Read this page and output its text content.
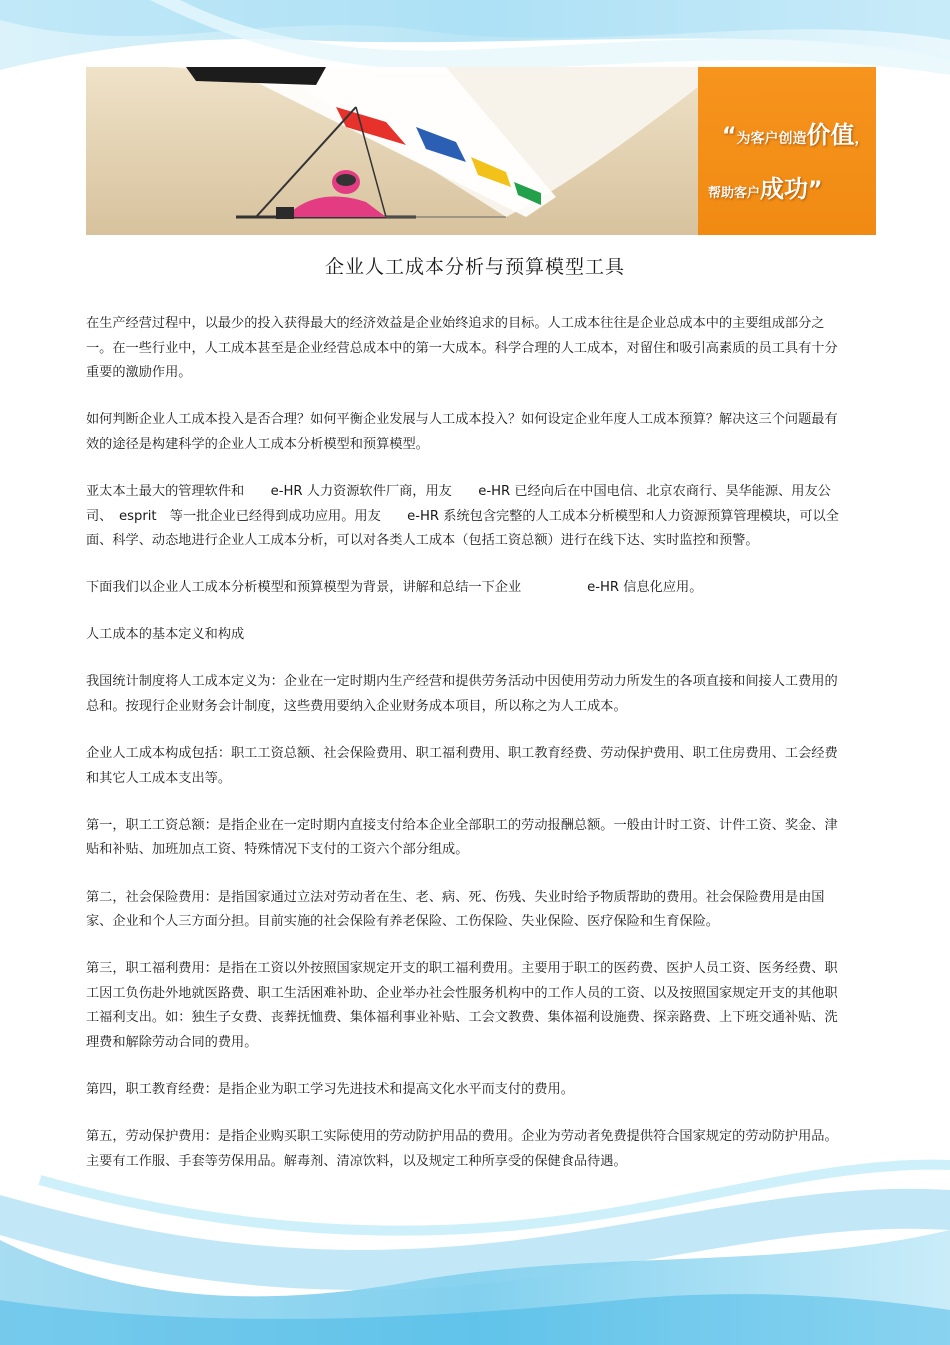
“为客户创造价值，
帮助客户成功”
企业人工成本分析与预算模型工具

在生产经营过程中，以最少的投入获得最大的经济效益是企业始终追求的目标。人工成本往往是企业总成本中的主要组成部分之一。在一些行业中，人工成本甚至是企业经营总成本中的第一大成本。科学合理的人工成本，对留住和吸引高素质的员工具有十分重要的激励作用。

如何判断企业人工成本投入是否合理？如何平衡企业发展与人工成本投入？如何设定企业年度人工成本预算？解决这三个问题最有效的途径是构建科学的企业人工成本分析模型和预算模型。

亚太本土最大的管理软件和　　e-HR 人力资源软件厂商，用友　　e-HR 已经向后在中国电信、北京农商行、昊华能源、用友公司、　esprit　等一批企业已经得到成功应用。用友　　e-HR 系统包含完整的人工成本分析模型和人力资源预算管理模块，可以全面、科学、动态地进行企业人工成本分析，可以对各类人工成本（包括工资总额）进行在线下达、实时监控和预警。

下面我们以企业人工成本分析模型和预算模型为背景，讲解和总结一下企业　　　　　e-HR 信息化应用。

人工成本的基本定义和构成

我国统计制度将人工成本定义为：企业在一定时期内生产经营和提供劳务活动中因使用劳动力所发生的各项直接和间接人工费用的总和。按现行企业财务会计制度，这些费用要纳入企业财务成本项目，所以称之为人工成本。

企业人工成本构成包括：职工工资总额、社会保险费用、职工福利费用、职工教育经费、劳动保护费用、职工住房费用、工会经费和其它人工成本支出等。

第一，职工工资总额：是指企业在一定时期内直接支付给本企业全部职工的劳动报酬总额。一般由计时工资、计件工资、奖金、津贴和补贴、加班加点工资、特殊情况下支付的工资六个部分组成。

第二，社会保险费用：是指国家通过立法对劳动者在生、老、病、死、伤残、失业时给予物质帮助的费用。社会保险费用是由国家、企业和个人三方面分担。目前实施的社会保险有养老保险、工伤保险、失业保险、医疗保险和生育保险。

第三，职工福利费用：是指在工资以外按照国家规定开支的职工福利费用。主要用于职工的医药费、医护人员工资、医务经费、职工因工负伤赴外地就医路费、职工生活困难补助、企业举办社会性服务机构中的工作人员的工资、以及按照国家规定开支的其他职工福利支出。如：独生子女费、丧葬抚恤费、集体福利事业补贴、工会文教费、集体福利设施费、探亲路费、上下班交通补贴、洗理费和解除劳动合同的费用。

第四，职工教育经费：是指企业为职工学习先进技术和提高文化水平而支付的费用。

第五，劳动保护费用：是指企业购买职工实际使用的劳动防护用品的费用。企业为劳动者免费提供符合国家规定的劳动防护用品。主要有工作服、手套等劳保用品。解毒剂、清凉饮料，以及规定工种所享受的保健食品待遇。
